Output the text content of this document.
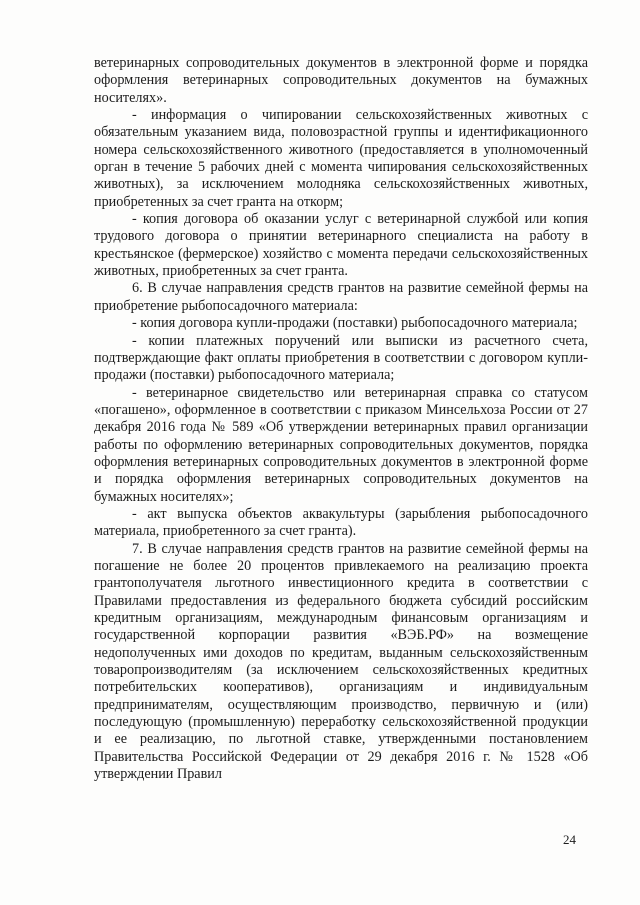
ветеринарных сопроводительных документов в электронной форме и порядка оформления ветеринарных сопроводительных документов на бумажных носителях».

- информация о чипировании сельскохозяйственных животных с обязательным указанием вида, половозрастной группы и идентификационного номера сельскохозяйственного животного (предоставляется в уполномоченный орган в течение 5 рабочих дней с момента чипирования сельскохозяйственных животных), за исключением молодняка сельскохозяйственных животных, приобретенных за счет гранта на откорм;

- копия договора об оказании услуг с ветеринарной службой или копия трудового договора о принятии ветеринарного специалиста на работу в крестьянское (фермерское) хозяйство с момента передачи сельскохозяйственных животных, приобретенных за счет гранта.

6. В случае направления средств грантов на развитие семейной фермы на приобретение рыбопосадочного материала:

- копия договора купли-продажи (поставки) рыбопосадочного материала;

- копии платежных поручений или выписки из расчетного счета, подтверждающие факт оплаты приобретения в соответствии с договором купли-продажи (поставки) рыбопосадочного материала;

- ветеринарное свидетельство или ветеринарная справка со статусом «погашено», оформленное в соответствии с приказом Минсельхоза России от 27 декабря 2016 года № 589 «Об утверждении ветеринарных правил организации работы по оформлению ветеринарных сопроводительных документов, порядка оформления ветеринарных сопроводительных документов в электронной форме и порядка оформления ветеринарных сопроводительных документов на бумажных носителях»;

- акт выпуска объектов аквакультуры (зарыбления рыбопосадочного материала, приобретенного за счет гранта).

7. В случае направления средств грантов на развитие семейной фермы на погашение не более 20 процентов привлекаемого на реализацию проекта грантополучателя льготного инвестиционного кредита в соответствии с Правилами предоставления из федерального бюджета субсидий российским кредитным организациям, международным финансовым организациям и государственной корпорации развития «ВЭБ.РФ» на возмещение недополученных ими доходов по кредитам, выданным сельскохозяйственным товаропроизводителям (за исключением сельскохозяйственных кредитных потребительских кооперативов), организациям и индивидуальным предпринимателям, осуществляющим производство, первичную и (или) последующую (промышленную) переработку сельскохозяйственной продукции и ее реализацию, по льготной ставке, утвержденными постановлением Правительства Российской Федерации от 29 декабря 2016 г. № 1528 «Об утверждении Правил

24
